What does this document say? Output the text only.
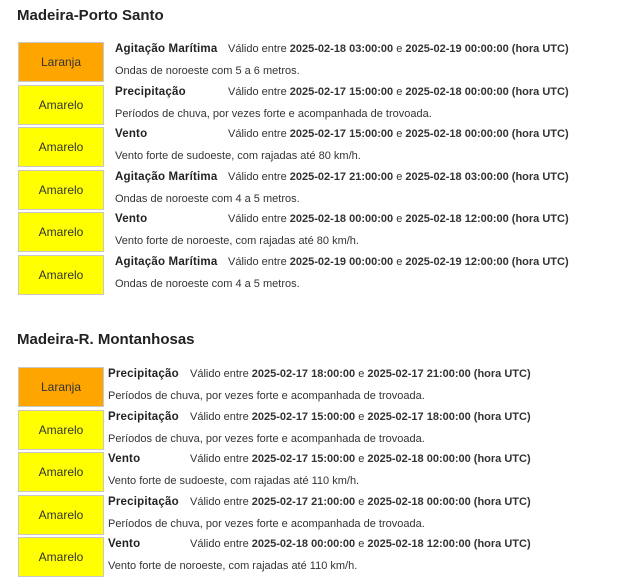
Madeira-Porto Santo
Madeira-R. Montanhosas
Laranja
Agitação Marítima Válido entre 2025-02-18 03:00:00 e 2025-02-19 00:00:00 (hora UTC)
Ondas de noroeste com 5 a 6 metros.
Amarelo
Precipitação	Válido entre 2025-02-17 15:00:00 e 2025-02-18 00:00:00 (hora UTC)
Períodos de chuva, por vezes forte e acompanhada de trovoada.
Amarelo
Vento	Válido entre 2025-02-17 15:00:00 e 2025-02-18 00:00:00 (hora UTC)
Vento forte de sudoeste, com rajadas até 80 km/h.
Amarelo
Agitação Marítima Válido entre 2025-02-17 21:00:00 e 2025-02-18 03:00:00 (hora UTC)
Ondas de noroeste com 4 a 5 metros.
Amarelo
Vento	Válido entre 2025-02-18 00:00:00 e 2025-02-18 12:00:00 (hora UTC)
Vento forte de noroeste, com rajadas até 80 km/h.
Amarelo
Agitação Marítima Válido entre 2025-02-19 00:00:00 e 2025-02-19 12:00:00 (hora UTC)
Ondas de noroeste com 4 a 5 metros.
Laranja
Precipitação Válido entre 2025-02-17 18:00:00 e 2025-02-17 21:00:00 (hora UTC)
Períodos de chuva, por vezes forte e acompanhada de trovoada.
Amarelo
Precipitação Válido entre 2025-02-17 15:00:00 e 2025-02-17 18:00:00 (hora UTC)
Períodos de chuva, por vezes forte e acompanhada de trovoada.
Amarelo
Vento	Válido entre 2025-02-17 15:00:00 e 2025-02-18 00:00:00 (hora UTC)
Vento forte de sudoeste, com rajadas até 110 km/h.
Amarelo
Precipitação Válido entre 2025-02-17 21:00:00 e 2025-02-18 00:00:00 (hora UTC)
Períodos de chuva, por vezes forte e acompanhada de trovoada.
Amarelo
Vento	Válido entre 2025-02-18 00:00:00 e 2025-02-18 12:00:00 (hora UTC)
Vento forte de noroeste, com rajadas até 110 km/h.
